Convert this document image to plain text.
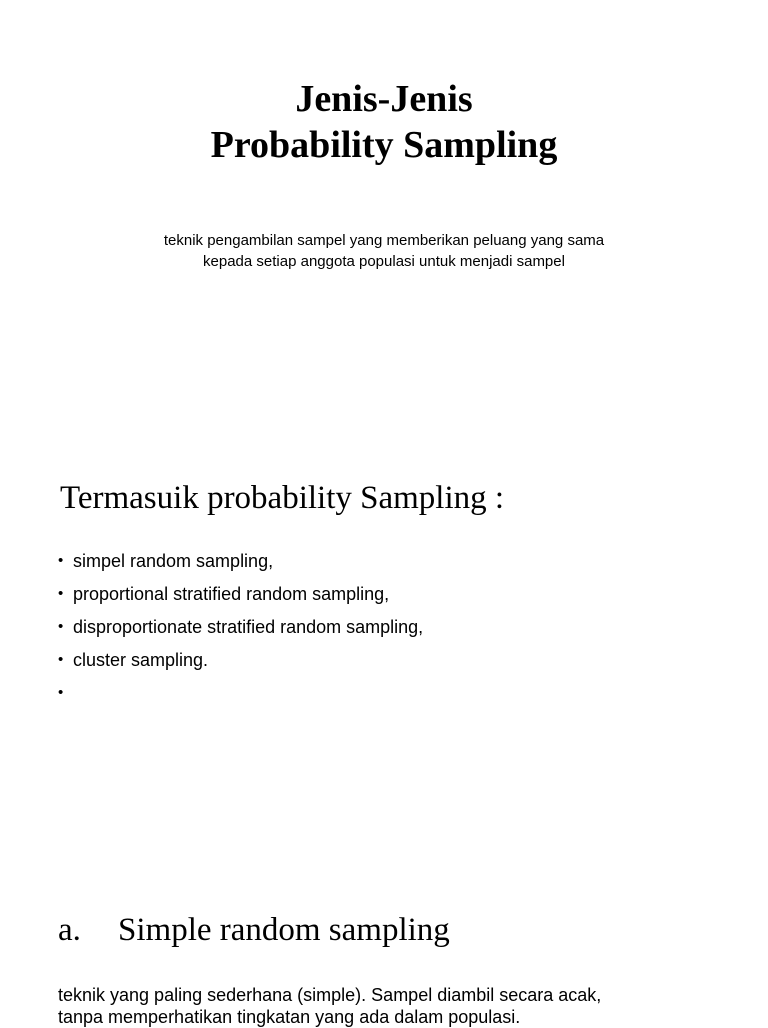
Jenis-Jenis
Probability Sampling
teknik pengambilan sampel yang memberikan peluang yang sama
kepada setiap anggota populasi untuk menjadi sampel
Termasuik probability Sampling :
• simpel random sampling,
• proportional stratified random sampling,
• disproportionate stratified random sampling,
• cluster sampling.
•
a. Simple random sampling
teknik yang paling sederhana (simple). Sampel diambil secara acak,
tanpa memperhatikan tingkatan yang ada dalam populasi.
